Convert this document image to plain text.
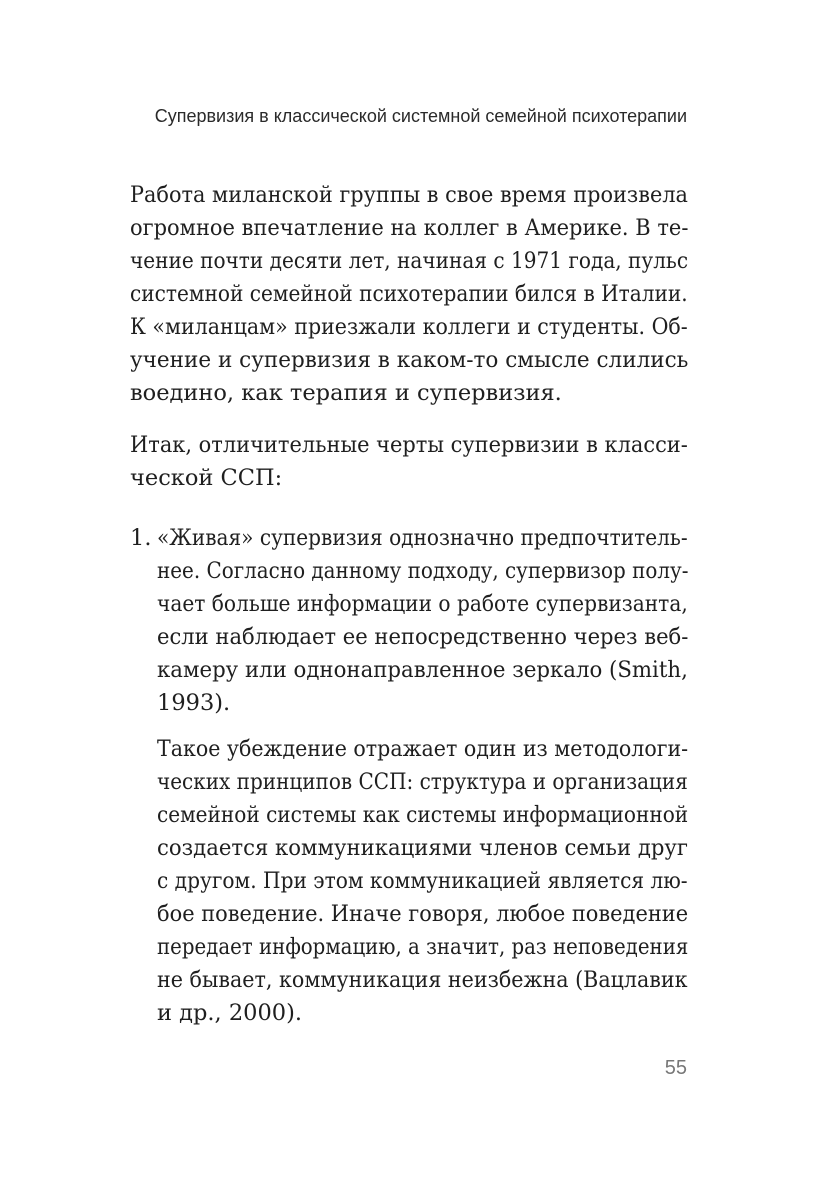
Супервизия в классической системной семейной психотерапии
Работа миланской группы в свое время произвела
огромное впечатление на коллег в Америке. В те-
чение почти десяти лет, начиная с 1971 года, пульс
системной семейной психотерапии бился в Италии.
К «миланцам» приезжали коллеги и студенты. Об-
учение и супервизия в каком-то смысле слились
воедино, как терапия и супервизия.
Итак, отличительные черты супервизии в класси-
ческой ССП:
1. «Живая» супервизия однозначно предпочтитель-
нее. Согласно данному подходу, супервизор полу-
чает больше информации о работе супервизанта,
если наблюдает ее непосредственно через веб-
камеру или однонаправленное зеркало (Smith,
1993).
Такое убеждение отражает один из методологи-
ческих принципов ССП: структура и организация
семейной системы как системы информационной
создается коммуникациями членов семьи друг
с другом. При этом коммуникацией является лю-
бое поведение. Иначе говоря, любое поведение
передает информацию, а значит, раз неповедения
не бывает, коммуникация неизбежна (Вацлавик
и др., 2000).
55
